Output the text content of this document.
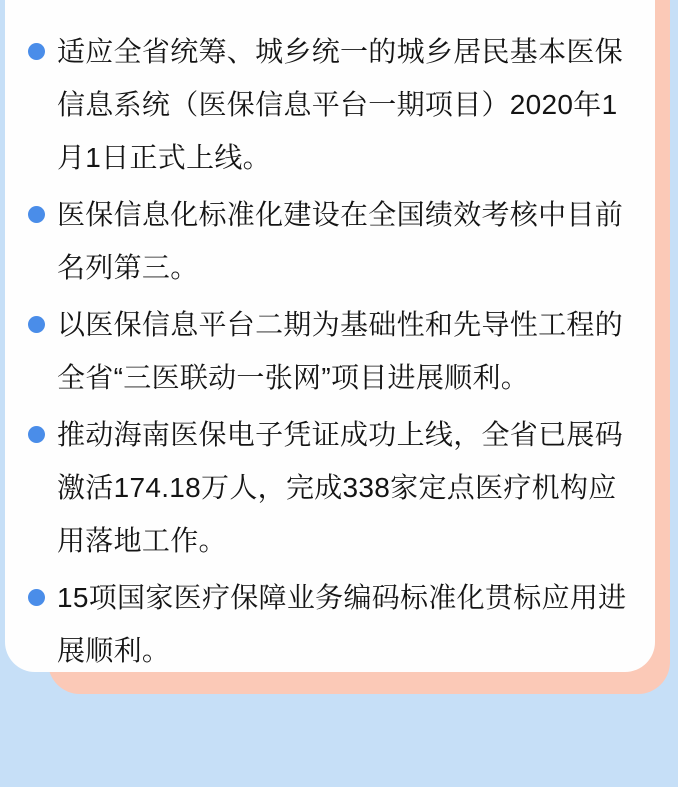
适应全省统筹、城乡统一的城乡居民基本医保信息系统（医保信息平台一期项目）2020年1月1日正式上线。

医保信息化标准化建设在全国绩效考核中目前名列第三。

以医保信息平台二期为基础性和先导性工程的全省“三医联动一张网”项目进展顺利。

推动海南医保电子凭证成功上线，全省已展码激活174.18万人，完成338家定点医疗机构应用落地工作。

15项国家医疗保障业务编码标准化贯标应用进展顺利。
